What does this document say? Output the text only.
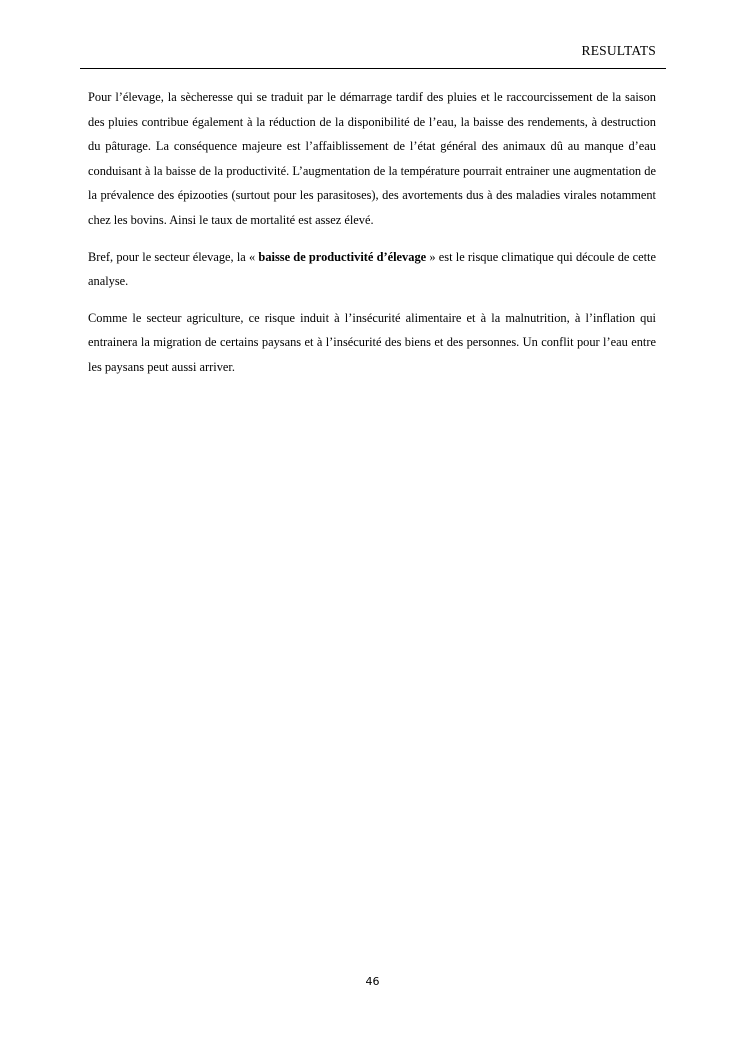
RESULTATS

Pour l’élevage, la sècheresse qui se traduit par le démarrage tardif des pluies et le raccourcissement de la saison des pluies contribue également à la réduction de la disponibilité de l’eau, la baisse des rendements, à destruction du pâturage. La conséquence majeure est l’affaiblissement de l’état général des animaux dû au manque d’eau conduisant à la baisse de la productivité. L’augmentation de la température pourrait entrainer une augmentation de la prévalence des épizooties (surtout pour les parasitoses), des avortements dus à des maladies virales notamment chez les bovins. Ainsi le taux de mortalité est assez élevé.

Bref, pour le secteur élevage, la « baisse de productivité d’élevage » est le risque climatique qui découle de cette analyse.

Comme le secteur agriculture, ce risque induit à l’insécurité alimentaire et à la malnutrition, à l’inflation qui entrainera la migration de certains paysans et à l’insécurité des biens et des personnes. Un conflit pour l’eau entre les paysans peut aussi arriver.

46
